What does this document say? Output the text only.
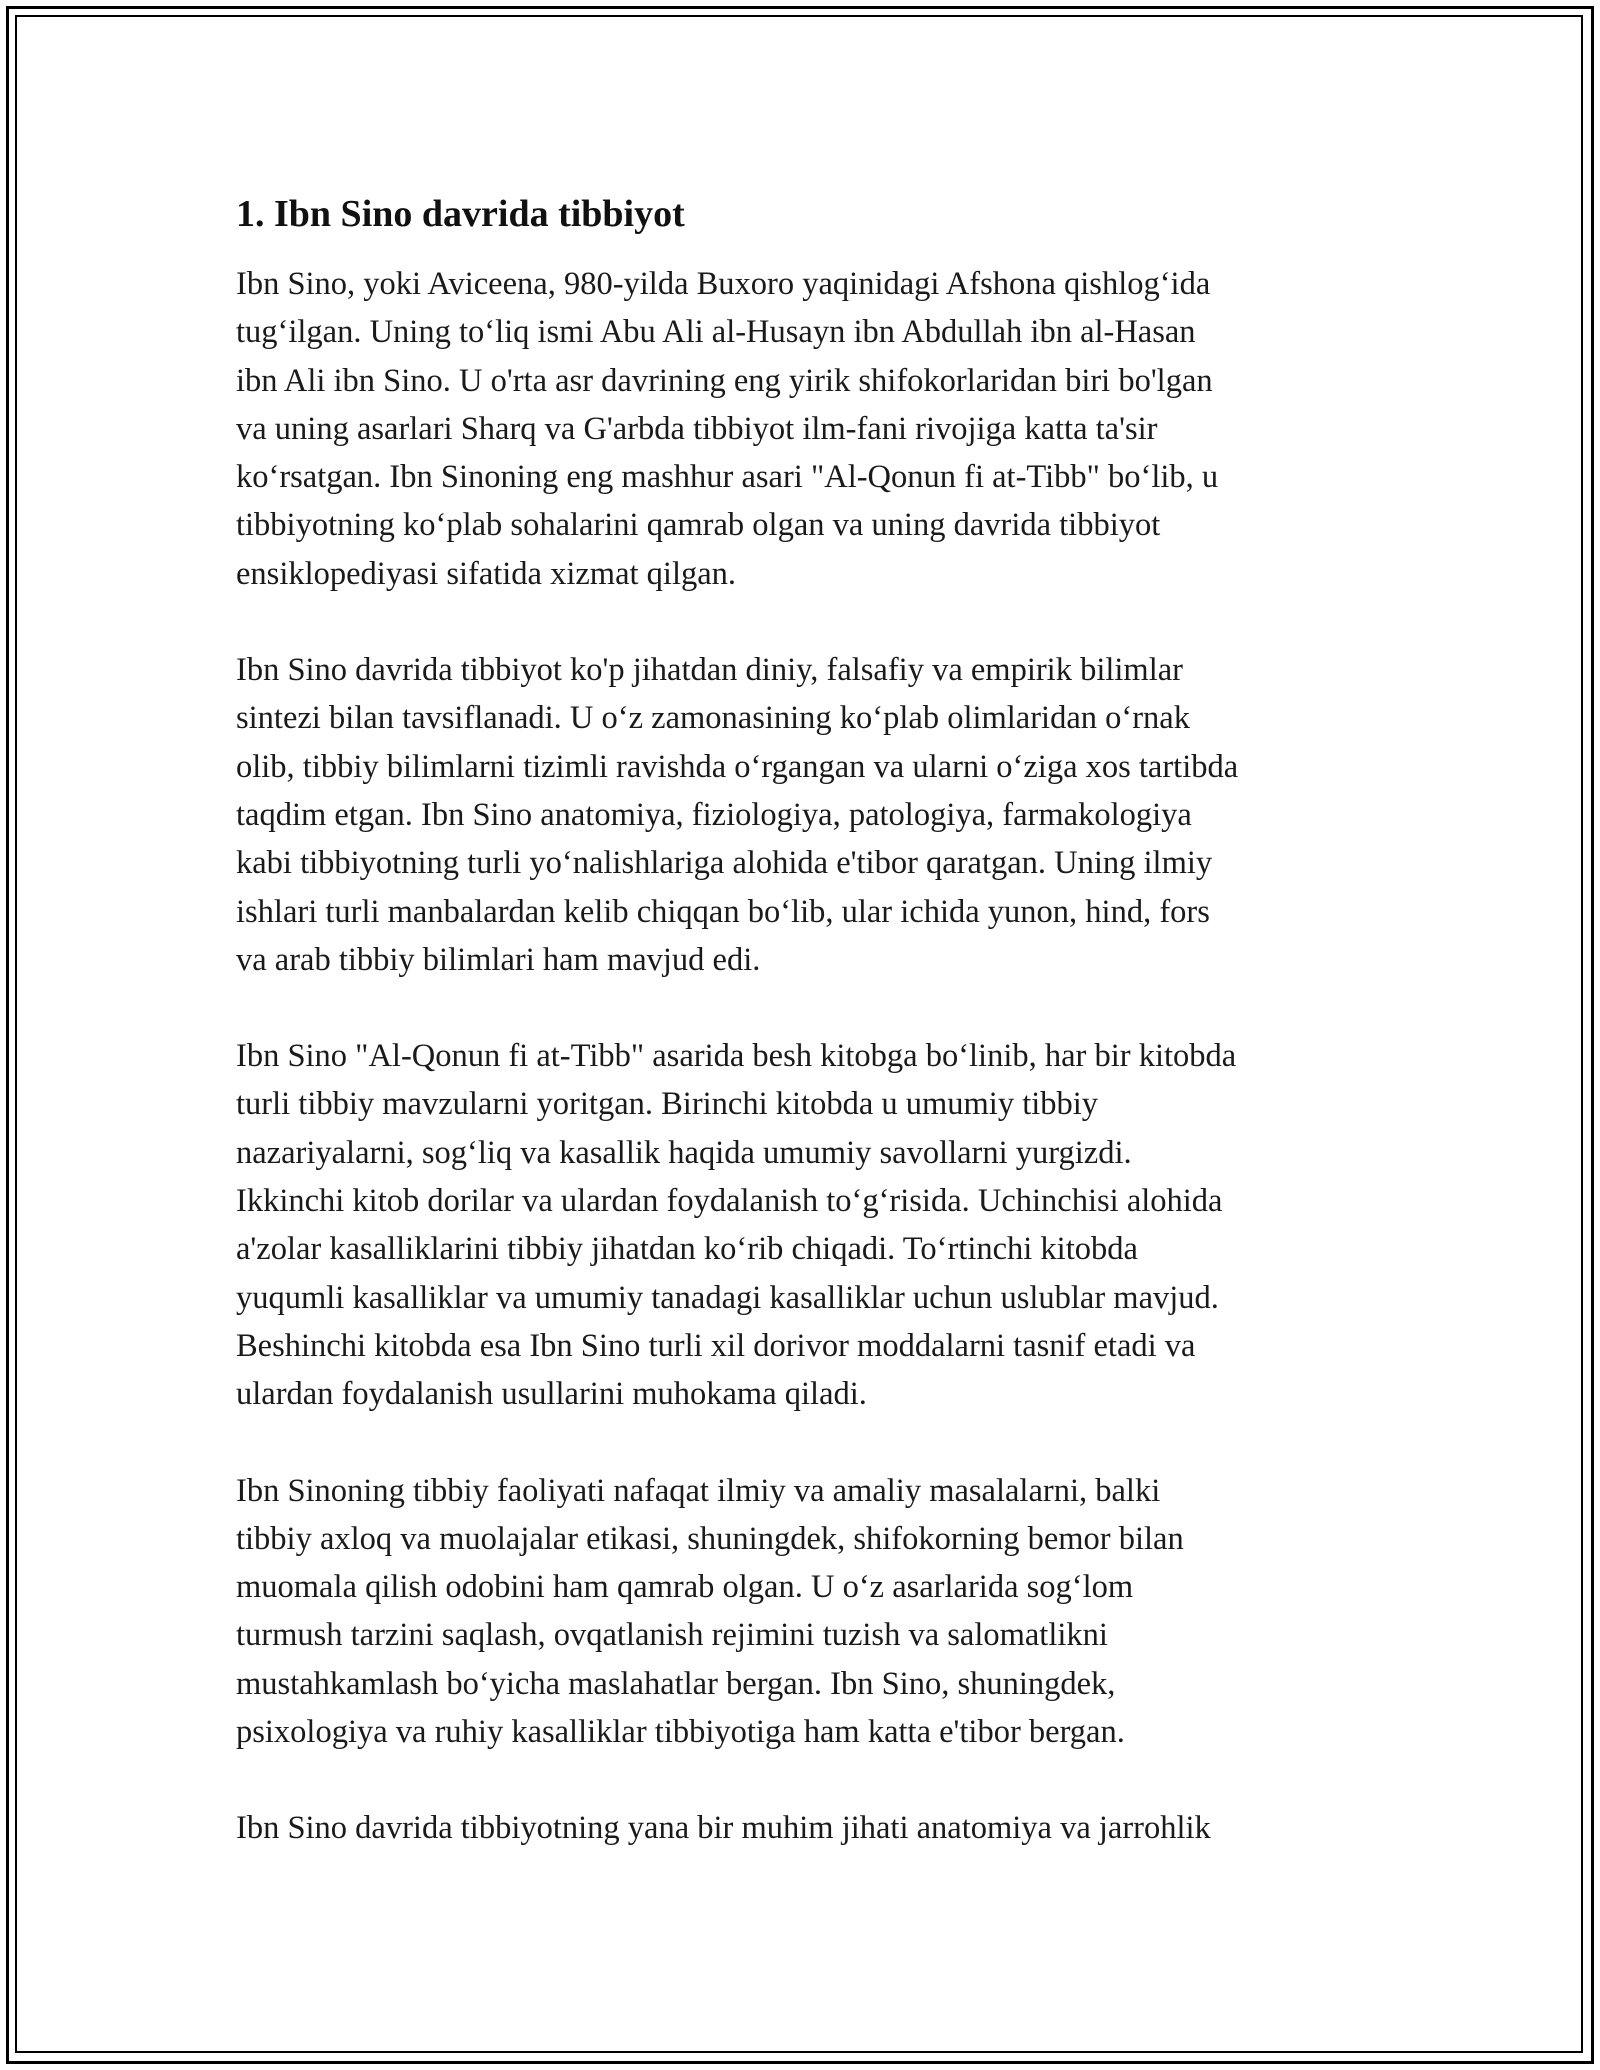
1. Ibn Sino davrida tibbiyot
Ibn Sino, yoki Aviceena, 980-yilda Buxoro yaqinidagi Afshona qishlog‘ida
tug‘ilgan. Uning to‘liq ismi Abu Ali al-Husayn ibn Abdullah ibn al-Hasan
ibn Ali ibn Sino. U o'rta asr davrining eng yirik shifokorlaridan biri bo'lgan
va uning asarlari Sharq va G'arbda tibbiyot ilm-fani rivojiga katta ta'sir
ko‘rsatgan. Ibn Sinoning eng mashhur asari "Al-Qonun fi at-Tibb" bo‘lib, u
tibbiyotning ko‘plab sohalarini qamrab olgan va uning davrida tibbiyot
ensiklopediyasi sifatida xizmat qilgan.
Ibn Sino davrida tibbiyot ko'p jihatdan diniy, falsafiy va empirik bilimlar
sintezi bilan tavsiflanadi. U o‘z zamonasining ko‘plab olimlaridan o‘rnak
olib, tibbiy bilimlarni tizimli ravishda o‘rgangan va ularni o‘ziga xos tartibda
taqdim etgan. Ibn Sino anatomiya, fiziologiya, patologiya, farmakologiya
kabi tibbiyotning turli yo‘nalishlariga alohida e'tibor qaratgan. Uning ilmiy
ishlari turli manbalardan kelib chiqqan bo‘lib, ular ichida yunon, hind, fors
va arab tibbiy bilimlari ham mavjud edi.
Ibn Sino "Al-Qonun fi at-Tibb" asarida besh kitobga bo‘linib, har bir kitobda
turli tibbiy mavzularni yoritgan. Birinchi kitobda u umumiy tibbiy
nazariyalarni, sog‘liq va kasallik haqida umumiy savollarni yurgizdi.
Ikkinchi kitob dorilar va ulardan foydalanish to‘g‘risida. Uchinchisi alohida
a'zolar kasalliklarini tibbiy jihatdan ko‘rib chiqadi. To‘rtinchi kitobda
yuqumli kasalliklar va umumiy tanadagi kasalliklar uchun uslublar mavjud.
Beshinchi kitobda esa Ibn Sino turli xil dorivor moddalarni tasnif etadi va
ulardan foydalanish usullarini muhokama qiladi.
Ibn Sinoning tibbiy faoliyati nafaqat ilmiy va amaliy masalalarni, balki
tibbiy axloq va muolajalar etikasi, shuningdek, shifokorning bemor bilan
muomala qilish odobini ham qamrab olgan. U o‘z asarlarida sog‘lom
turmush tarzini saqlash, ovqatlanish rejimini tuzish va salomatlikni
mustahkamlash bo‘yicha maslahatlar bergan. Ibn Sino, shuningdek,
psixologiya va ruhiy kasalliklar tibbiyotiga ham katta e'tibor bergan.
Ibn Sino davrida tibbiyotning yana bir muhim jihati anatomiya va jarrohlik
